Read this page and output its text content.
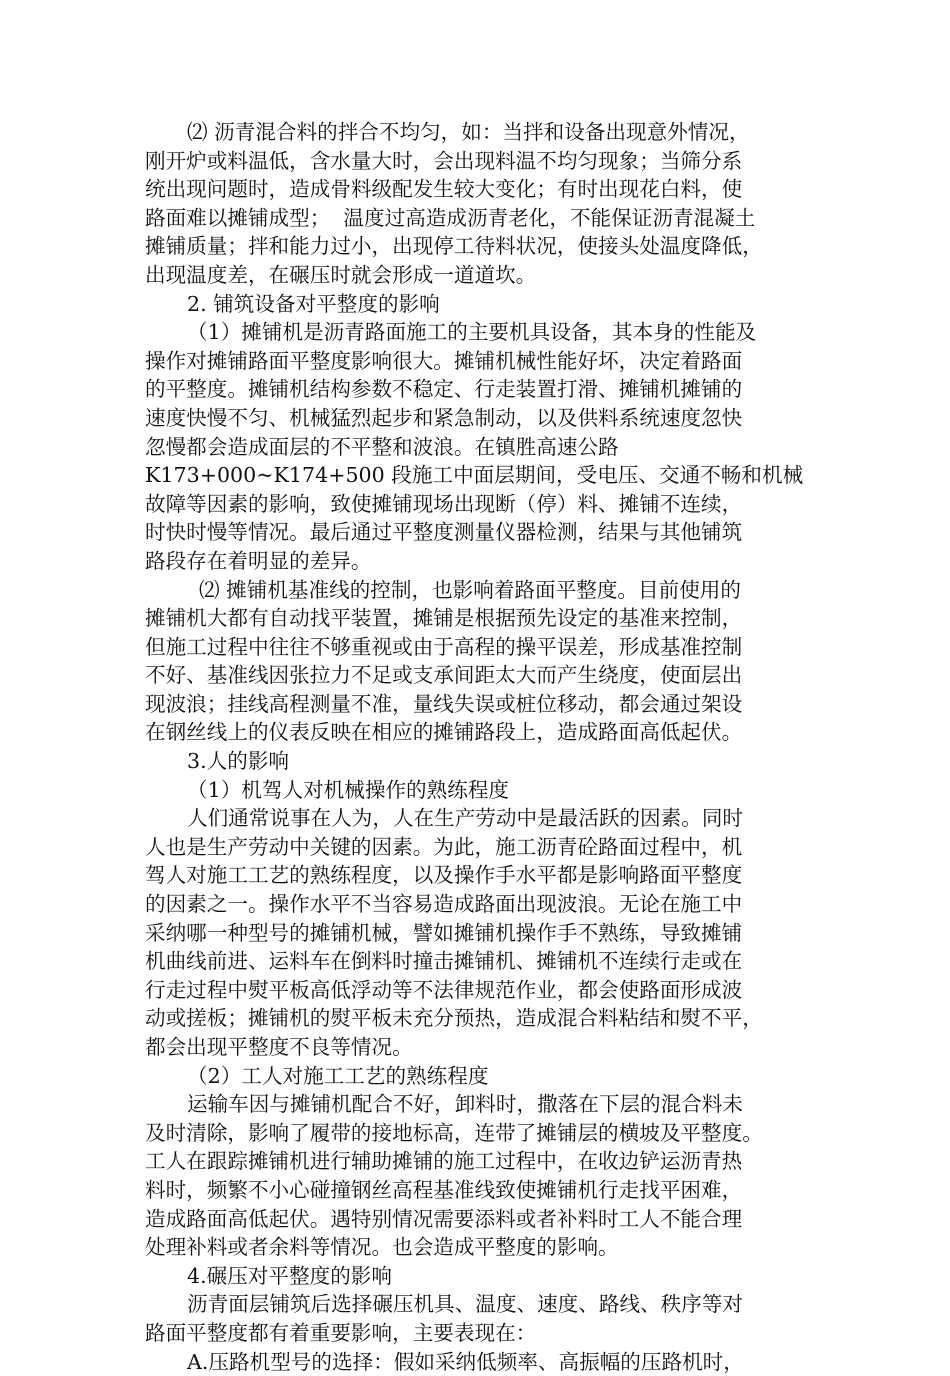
⑵ 沥青混合料的拌合不均匀，如：当拌和设备出现意外情况，
刚开炉或料温低，含水量大时，会出现料温不均匀现象；当筛分系
统出现问题时，造成骨料级配发生较大变化；有时出现花白料，使
路面难以摊铺成型；  温度过高造成沥青老化，不能保证沥青混凝土
摊铺质量；拌和能力过小，出现停工待料状况，使接头处温度降低，
出现温度差，在碾压时就会形成一道道坎。
2. 铺筑设备对平整度的影响
（1）摊铺机是沥青路面施工的主要机具设备，其本身的性能及
操作对摊铺路面平整度影响很大。摊铺机械性能好坏，决定着路面
的平整度。摊铺机结构参数不稳定、行走装置打滑、摊铺机摊铺的
速度快慢不匀、机械猛烈起步和紧急制动，以及供料系统速度忽快
忽慢都会造成面层的不平整和波浪。在镇胜高速公路
K173+000~K174+500 段施工中面层期间，受电压、交通不畅和机械
故障等因素的影响，致使摊铺现场出现断（停）料、摊铺不连续，
时快时慢等情况。最后通过平整度测量仪器检测，结果与其他铺筑
路段存在着明显的差异。
⑵ 摊铺机基准线的控制，也影响着路面平整度。目前使用的
摊铺机大都有自动找平装置，摊铺是根据预先设定的基准来控制，
但施工过程中往往不够重视或由于高程的操平误差，形成基准控制
不好、基准线因张拉力不足或支承间距太大而产生绕度，使面层出
现波浪；挂线高程测量不准，量线失误或桩位移动，都会通过架设
在钢丝线上的仪表反映在相应的摊铺路段上，造成路面高低起伏。
3.人的影响
（1）机驾人对机械操作的熟练程度
人们通常说事在人为，人在生产劳动中是最活跃的因素。同时
人也是生产劳动中关键的因素。为此，施工沥青砼路面过程中，机
驾人对施工工艺的熟练程度，以及操作手水平都是影响路面平整度
的因素之一。操作水平不当容易造成路面出现波浪。无论在施工中
采纳哪一种型号的摊铺机械，譬如摊铺机操作手不熟练，导致摊铺
机曲线前进、运料车在倒料时撞击摊铺机、摊铺机不连续行走或在
行走过程中熨平板高低浮动等不法律规范作业，都会使路面形成波
动或搓板；摊铺机的熨平板未充分预热，造成混合料粘结和熨不平，
都会出现平整度不良等情况。
（2）工人对施工工艺的熟练程度
运输车因与摊铺机配合不好，卸料时，撒落在下层的混合料未
及时清除，影响了履带的接地标高，连带了摊铺层的横坡及平整度。
工人在跟踪摊铺机进行辅助摊铺的施工过程中，在收边铲运沥青热
料时，频繁不小心碰撞钢丝高程基准线致使摊铺机行走找平困难，
造成路面高低起伏。遇特别情况需要添料或者补料时工人不能合理
处理补料或者余料等情况。也会造成平整度的影响。
4.碾压对平整度的影响
沥青面层铺筑后选择碾压机具、温度、速度、路线、秩序等对
路面平整度都有着重要影响，主要表现在：
A.压路机型号的选择：假如采纳低频率、高振幅的压路机时，
